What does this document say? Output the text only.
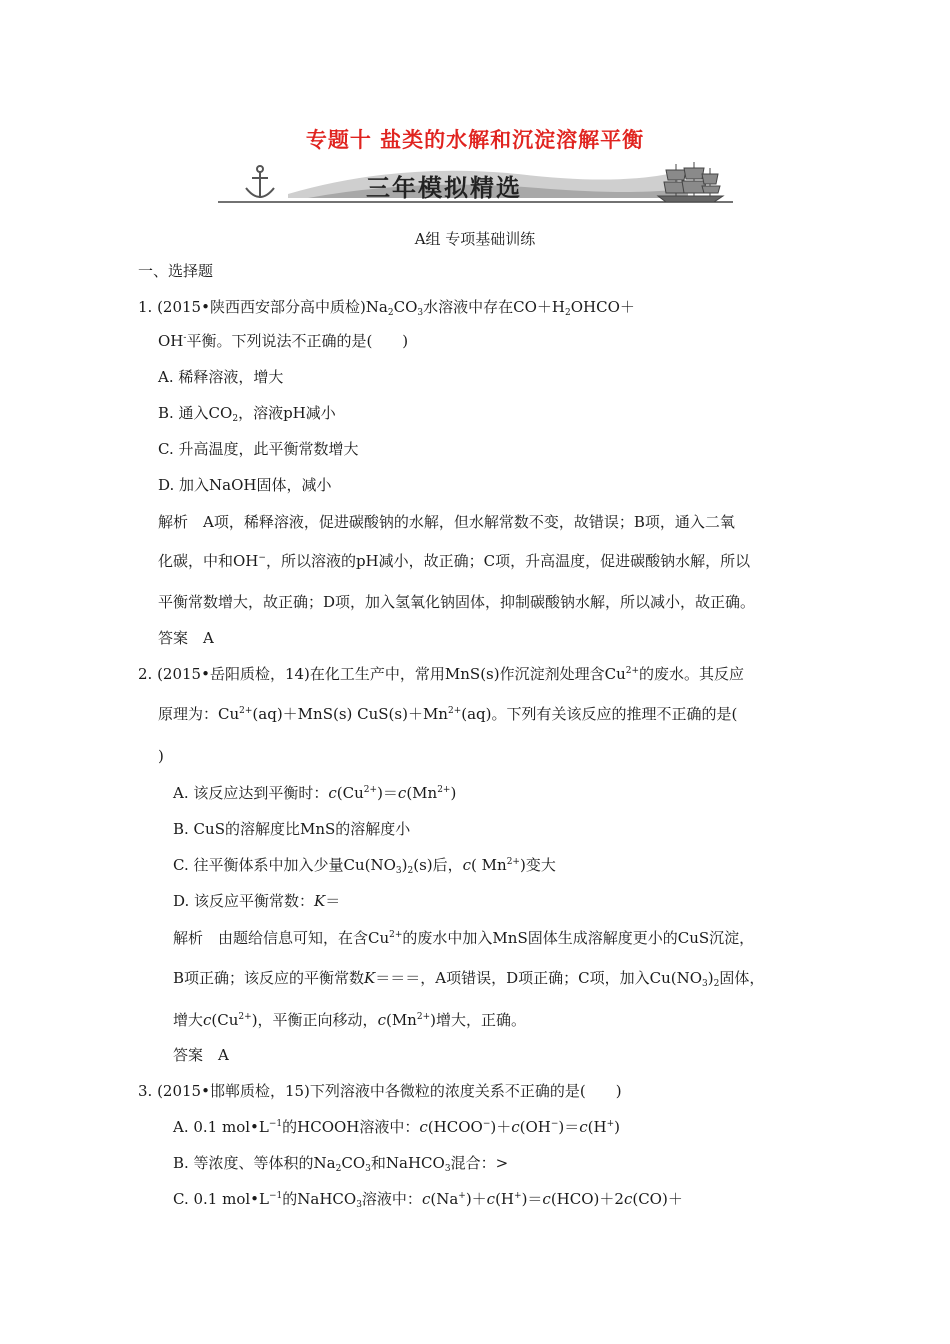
专题十 盐类的水解和沉淀溶解平衡
三年模拟精选
A组 专项基础训练
一、选择题
1. (2015•陕西西安部分高中质检)$Na_2CO_3$水溶液中存在$CO+H_2OHCO+$
OH-平衡。下列说法不正确的是(　　)
A. 稀释溶液，增大
B. 通入$CO_2$，溶液pH减小
C. 升高温度，此平衡常数增大
D. 加入NaOH固体，减小
解析　A项，稀释溶液，促进碳酸钠的水解，但水解常数不变，故错误；B项，通入二氧
化碳，中和OH−，所以溶液的pH减小，故正确；C项，升高温度，促进碳酸钠水解，所以
平衡常数增大，故正确；D项，加入氢氧化钠固体，抑制碳酸钠水解，所以减小，故正确。
答案　A
2. (2015•岳阳质检，14)在化工生产中，常用MnS(s)作沉淀剂处理含$Cu^{2+}$的废水。其反应
原理为：$Cu^{2+}(aq)+MnS(s)$ $CuS(s)+Mn^{2+}(aq)$。下列有关该反应的推理不正确的是(
)
A. 该反应达到平衡时：$c(Cu^{2+})=c(Mn^{2+})$
B. CuS的溶解度比MnS的溶解度小
C. 往平衡体系中加入少量$Cu(NO_3)_2(s)$后，c( $Mn^{2+}$)变大
D. 该反应平衡常数：K＝
解析　由题给信息可知，在含$Cu^{2+}$的废水中加入MnS固体生成溶解度更小的CuS沉淀，
B项正确；该反应的平衡常数K＝＝＝，A项错误，D项正确；C项，加入$Cu(NO_3)_2$固体，
增大$c(Cu^{2+})$，平衡正向移动，$c(Mn^{2+})$增大，正确。
答案　A
3. (2015•邯郸质检，15)下列溶液中各微粒的浓度关系不正确的是(　　)
A. 0.1 $mol•L^{-1}$的HCOOH溶液中：c(HCOO−)＋c(OH−)＝c(H+)
B. 等浓度、等体积的$Na_2CO_3$和NaHCO$_3$混合：>
C. 0.1 $mol•L^{-1}$的NaHCO$_3$溶液中：c(Na+)＋c(H+)＝c(HCO)＋2c(CO)＋
